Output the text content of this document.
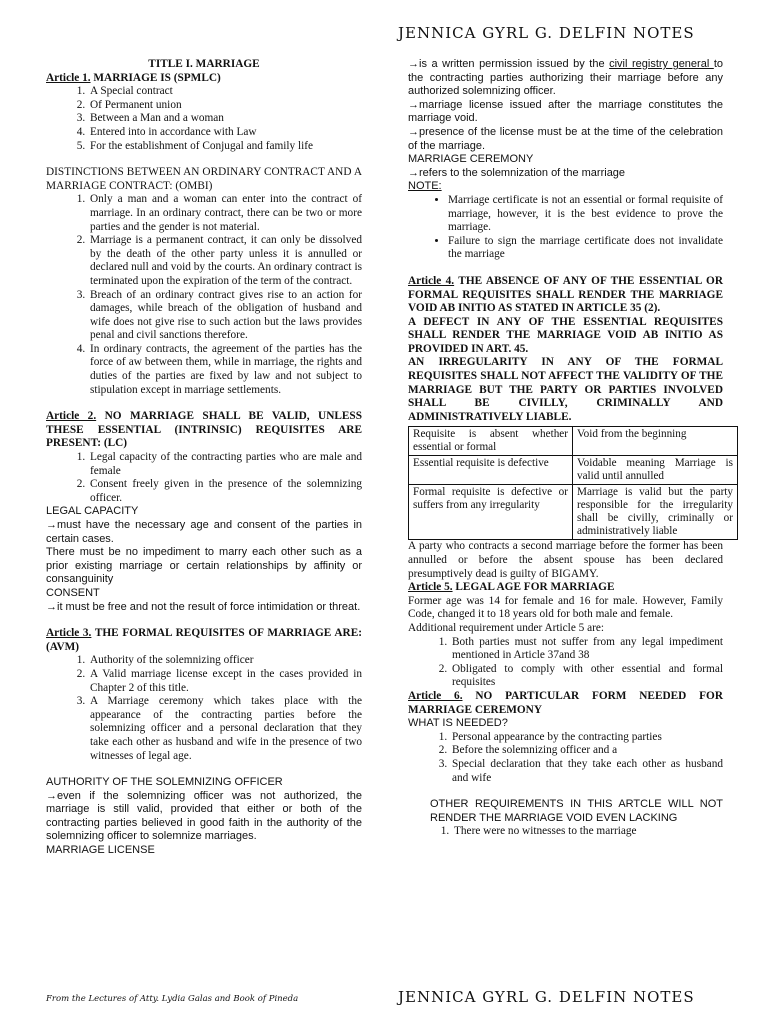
JENNICA GYRL G. DELFIN NOTES

TITLE I. MARRIAGE

Article 1. MARRIAGE IS (SPMLC)

1. A Special contract
2. Of Permanent union
3. Between a Man and a woman
4. Entered into in accordance with Law
5. For the establishment of Conjugal and family life

DISTINCTIONS BETWEEN AN ORDINARY CONTRACT AND A MARRIAGE CONTRACT: (OMBI)

1. Only a man and a woman can enter into the contract of marriage. In an ordinary contract, there can be two or more parties and the gender is not material.
2. Marriage is a permanent contract, it can only be dissolved by the death of the other party unless it is annulled or declared null and void by the courts. An ordinary contract is terminated upon the expiration of the term of the contract.
3. Breach of an ordinary contract gives rise to an action for damages, while breach of the obligation of husband and wife does not give rise to such action but the laws provides penal and civil sanctions therefore.
4. In ordinary contracts, the agreement of the parties has the force of aw between them, while in marriage, the rights and duties of the parties are fixed by law and not subject to stipulation except in marriage settlements.

Article 2. NO MARRIAGE SHALL BE VALID, UNLESS THESE ESSENTIAL (INTRINSIC) REQUISITES ARE PRESENT: (LC)

1. Legal capacity of the contracting parties who are male and female
2. Consent freely given in the presence of the solemnizing officer.

LEGAL CAPACITY

→must have the necessary age and consent of the parties in certain cases.

There must be no impediment to marry each other such as a prior existing marriage or certain relationships by affinity or consanguinity

CONSENT

→it must be free and not the result of force intimidation or threat.

Article 3. THE FORMAL REQUISITES OF MARRIAGE ARE: (AVM)

1. Authority of the solemnizing officer
2. A Valid marriage license except in the cases provided in Chapter 2 of this title.
3. A Marriage ceremony which takes place with the appearance of the contracting parties before the solemnizing officer and a personal declaration that they take each other as husband and wife in the presence of two witnesses of legal age.

AUTHORITY OF THE SOLEMNIZING OFFICER

→even if the solemnizing officer was not authorized, the marriage is still valid, provided that either or both of the contracting parties believed in good faith in the authority of the solemnizing officer to solemnize marriages.

MARRIAGE LICENSE

→is a written permission issued by the civil registry general to the contracting parties authorizing their marriage before any authorized solemnizing officer.

→marriage license issued after the marriage constitutes the marriage void.

→presence of the license must be at the time of the celebration of the marriage.

MARRIAGE CEREMONY

→refers to the solemnization of the marriage

NOTE:

• Marriage certificate is not an essential or formal requisite of marriage, however, it is the best evidence to prove the marriage.
• Failure to sign the marriage certificate does not invalidate the marriage

Article 4. THE ABSENCE OF ANY OF THE ESSENTIAL OR FORMAL REQUISITES SHALL RENDER THE MARRIAGE VOID AB INITIO AS STATED IN ARTICLE 35 (2).

A DEFECT IN ANY OF THE ESSENTIAL REQUISITES SHALL RENDER THE MARRIAGE VOID AB INITIO AS PROVIDED IN ART. 45.

AN IRREGULARITY IN ANY OF THE FORMAL REQUISITES SHALL NOT AFFECT THE VALIDITY OF THE MARRIAGE BUT THE PARTY OR PARTIES INVOLVED SHALL BE CIVILLY, CRIMINALLY AND ADMINISTRATIVELY LIABLE.

Requisite is absent whether essential or formal	Void from the beginning
Essential requisite is defective	Voidable meaning Marriage is valid until annulled
Formal requisite is defective or suffers from any irregularity	Marriage is valid but the party responsible for the irregularity shall be civilly, criminally or administratively liable

A party who contracts a second marriage before the former has been annulled or before the absent spouse has been declared presumptively dead is guilty of BIGAMY.

Article 5. LEGAL AGE FOR MARRIAGE

Former age was 14 for female and 16 for male. However, Family Code, changed it to 18 years old for both male and female.

Additional requirement under Article 5 are:

1. Both parties must not suffer from any legal impediment mentioned in Article 37and 38
2. Obligated to comply with other essential and formal requisites

Article 6. NO PARTICULAR FORM NEEDED FOR MARRIAGE CEREMONY

WHAT IS NEEDED?

1. Personal appearance by the contracting parties
2. Before the solemnizing officer and a
3. Special declaration that they take each other as husband and wife

OTHER REQUIREMENTS IN THIS ARTCLE WILL NOT RENDER THE MARRIAGE VOID EVEN LACKING

1. There were no witnesses to the marriage
From the Lectures of Atty. Lydia Galas and Book of Pineda	JENNICA GYRL G. DELFIN NOTES
